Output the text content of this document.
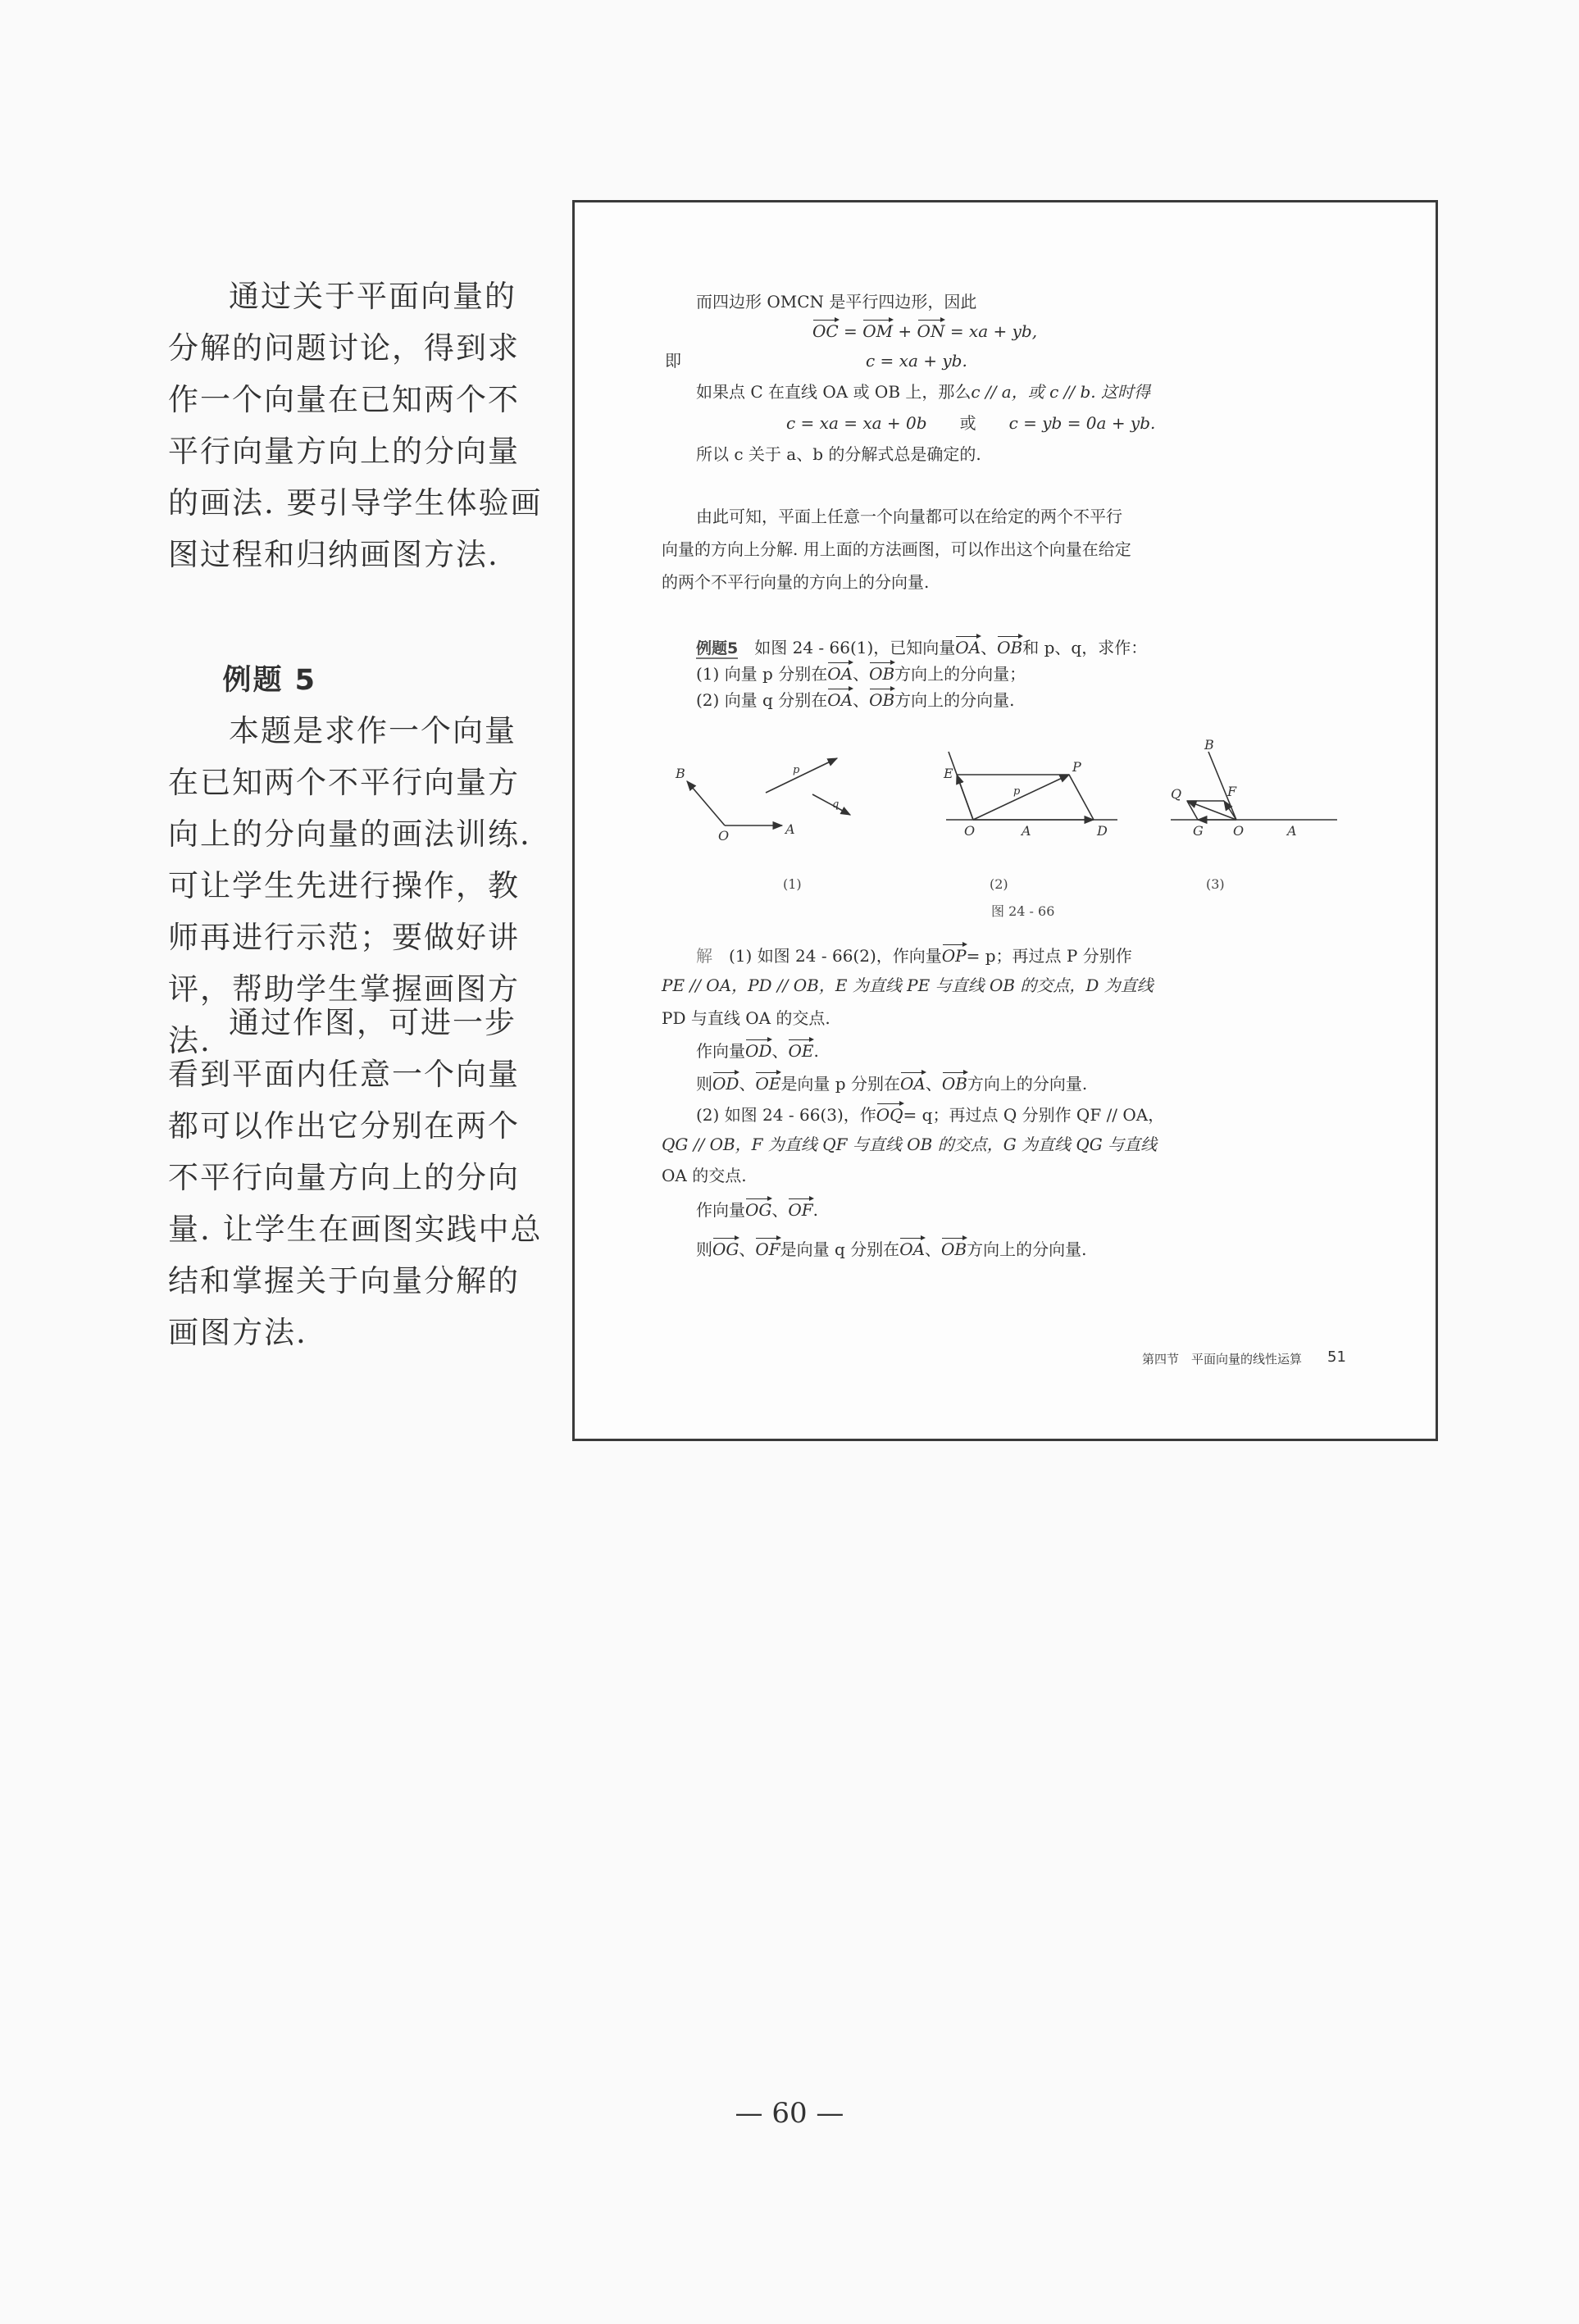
通过关于平面向量的分解的问题讨论，得到求作一个向量在已知两个不平行向量方向上的分向量的画法. 要引导学生体验画图过程和归纳画图方法.

例题 5

本题是求作一个向量在已知两个不平行向量方向上的分向量的画法训练. 可让学生先进行操作，教师再进行示范；要做好讲评，帮助学生掌握画图方法.

通过作图，可进一步看到平面内任意一个向量都可以作出它分别在两个不平行向量方向上的分向量. 让学生在画图实践中总结和掌握关于向量分解的画图方法.

而四边形 OMCN 是平行四边形，因此
OC = OM + ON = xa + yb,
即	c = xa + yb.
如果点 C 在直线 OA 或 OB 上，那么c // a，或 c // b. 这时得
c = xa = xa + 0b　　 或　　 c = yb = 0a + yb.
所以 c 关于 a、b 的分解式总是确定的.
由此可知，平面上任意一个向量都可以在给定的两个不平行
向量的方向上分解. 用上面的方法画图，可以作出这个向量在给定
的两个不平行向量的方向上的分向量.
例题5　 如图 24 - 66(1)，已知向量OA、OB和 p、q，求作：
(1) 向量 p 分别在OA、OB方向上的分向量；
(2) 向量 q 分别在OA、OB方向上的分向量.
B
O	A
p
q
E	P
O	A	D
p
B
Q	F
G O	A
(1)	(2)	(3)
图 24 - 66
解　 (1) 如图 24 - 66(2)，作向量OP= p；再过点 P 分别作
PE // OA，PD // OB，E 为直线 PE 与直线 OB 的交点，D 为直线
PD 与直线 OA 的交点.
作向量OD、OE.
则OD、OE是向量 p 分别在OA、OB方向上的分向量.
(2) 如图 24 - 66(3)，作OQ= q；再过点 Q 分别作 QF // OA，
QG // OB，F 为直线 QF 与直线 OB 的交点，G 为直线 QG 与直线
OA 的交点.
作向量OG、OF.
则OG、OF是向量 q 分别在OA、OB方向上的分向量.
第四节　平面向量的线性运算 51
— 60 —
